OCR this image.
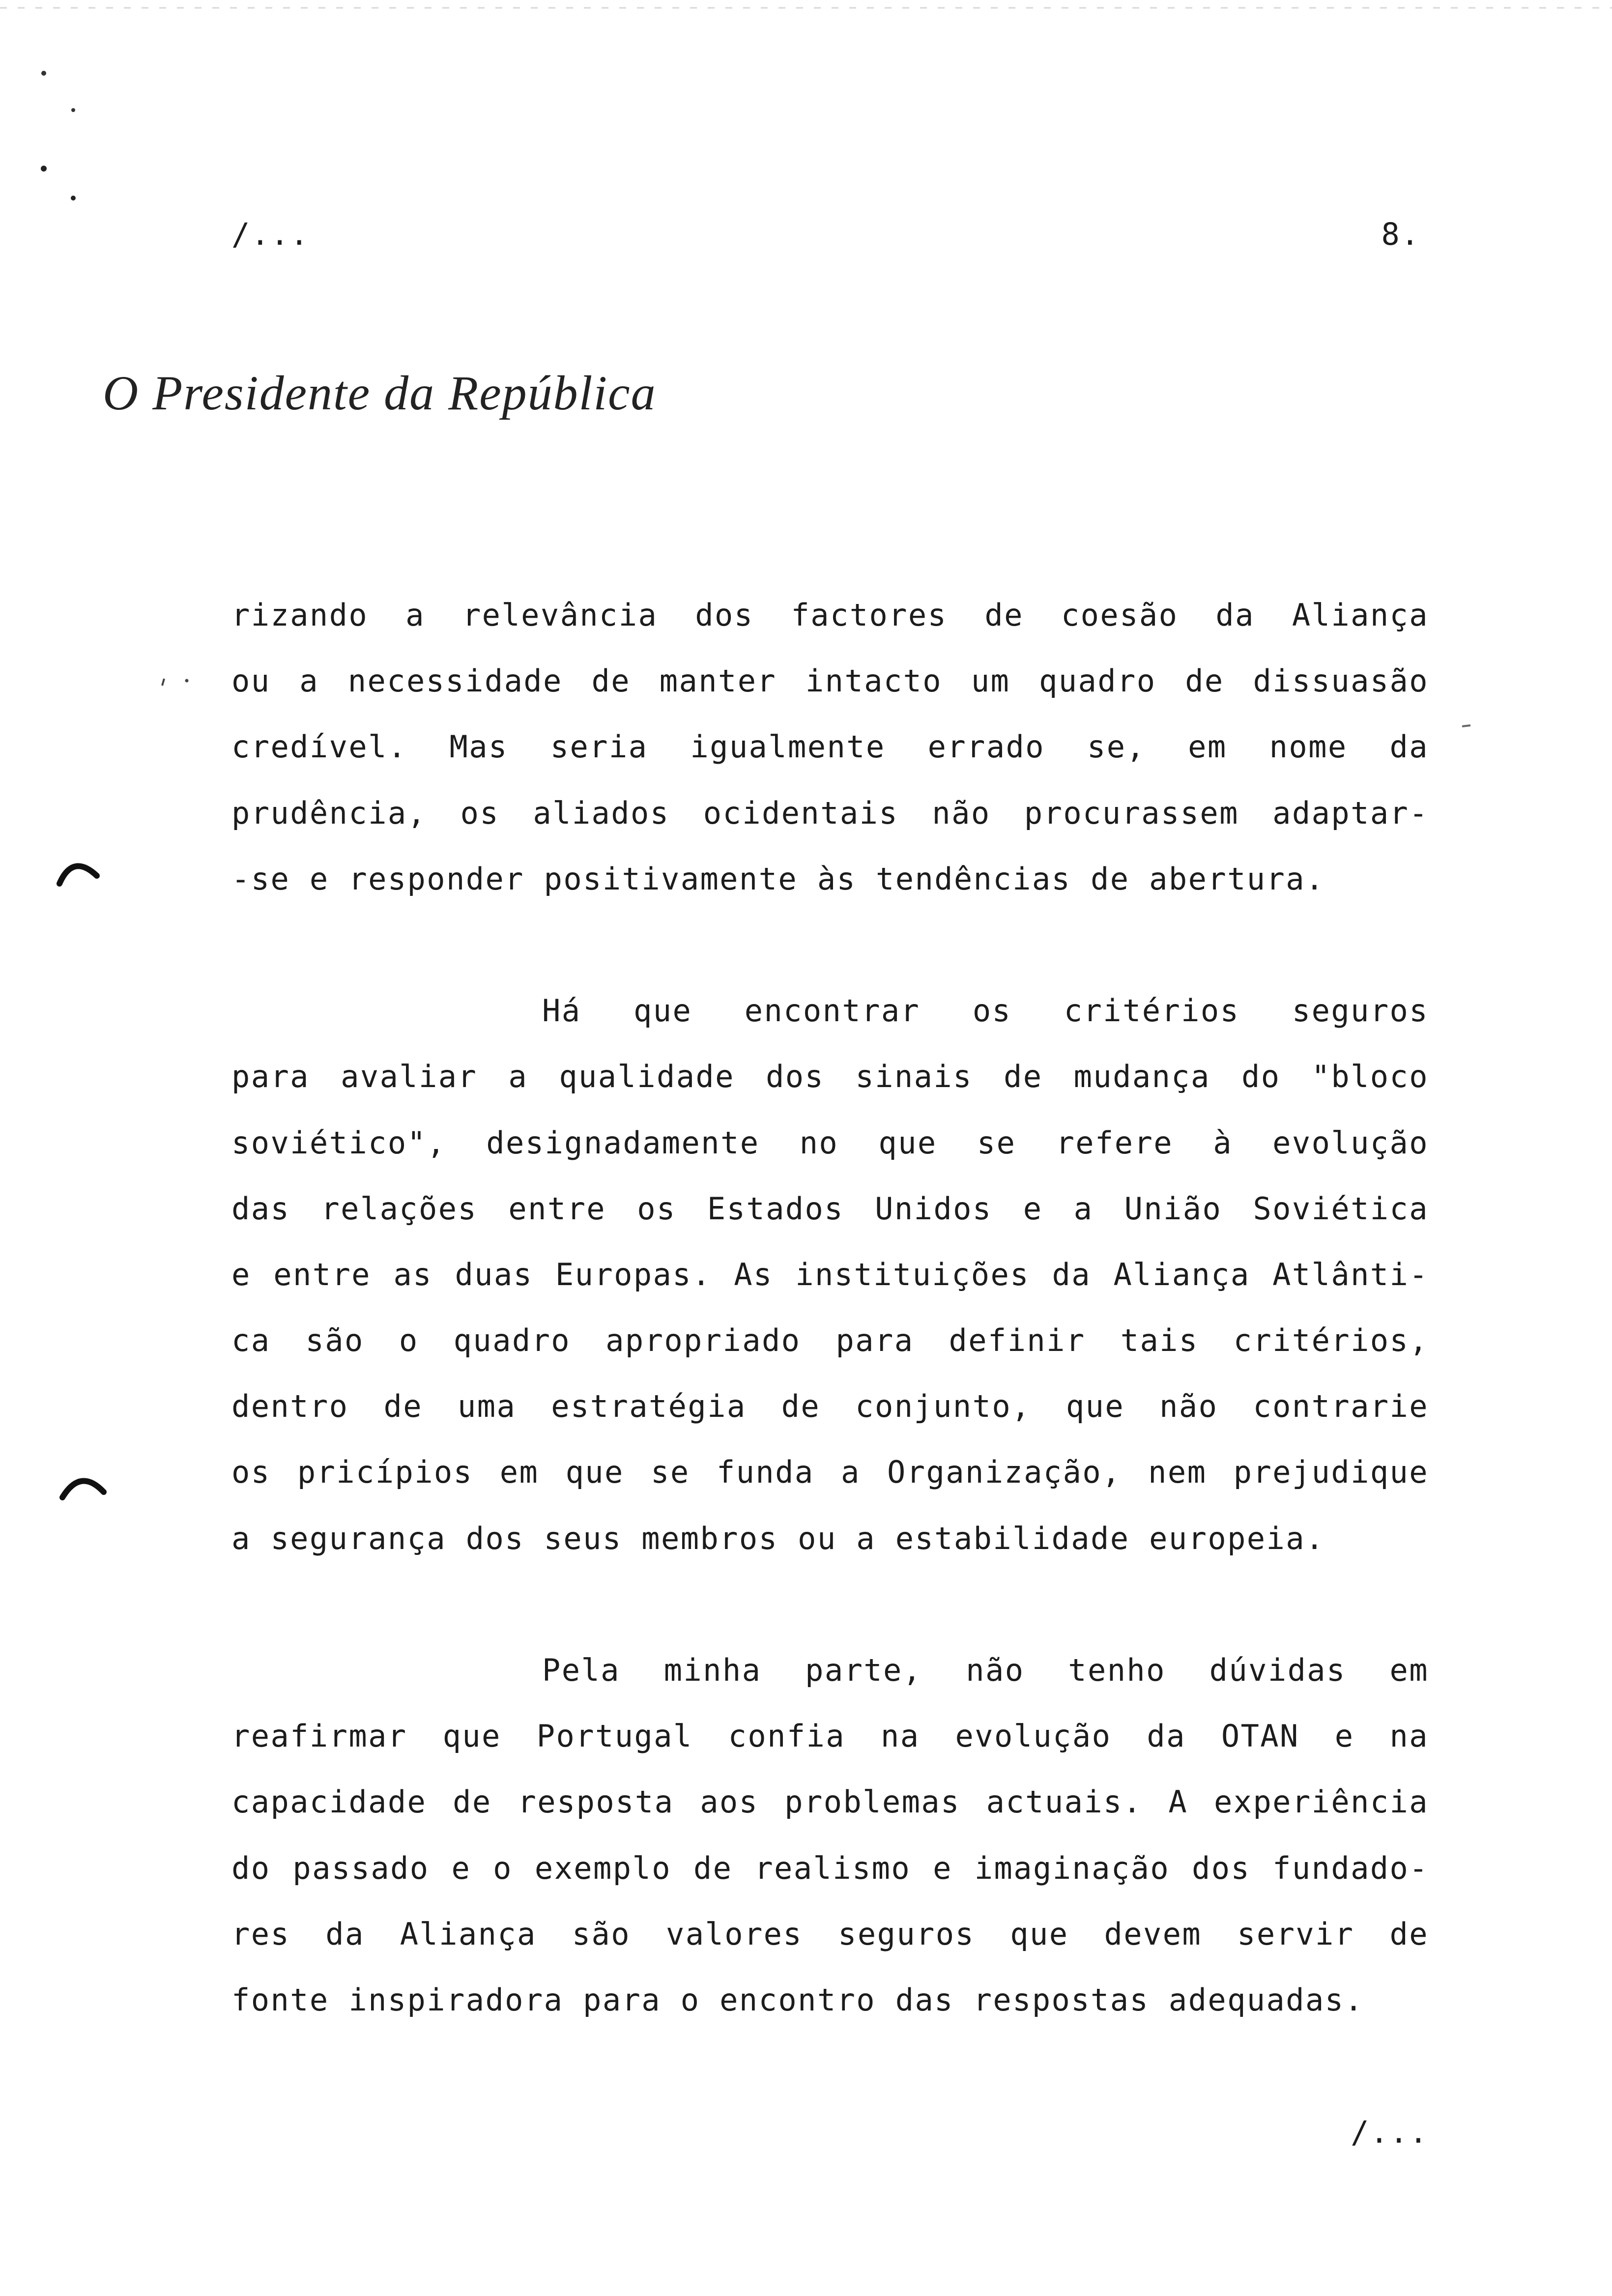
/...	8.
O Presidente da República
rizando a relevância dos factores de coesão da Aliança
ou a necessidade de manter intacto um quadro de dissuasão
credível. Mas seria igualmente errado se, em nome da
prudência, os aliados ocidentais não procurassem adaptar-
-se e responder positivamente às tendências de abertura.
Há que encontrar os critérios seguros
para avaliar a qualidade dos sinais de mudança do "bloco
soviético", designadamente no que se refere à evolução
das relações entre os Estados Unidos e a União Soviética
e entre as duas Europas. As instituições da Aliança Atlânti-
ca são o quadro apropriado para definir tais critérios,
dentro de uma estratégia de conjunto, que não contrarie
os pricípios em que se funda a Organização, nem prejudique
a segurança dos seus membros ou a estabilidade europeia.
Pela minha parte, não tenho dúvidas em
reafirmar que Portugal confia na evolução da OTAN e na
capacidade de resposta aos problemas actuais. A experiência
do passado e o exemplo de realismo e imaginação dos fundado-
res da Aliança são valores seguros que devem servir de
fonte inspiradora para o encontro das respostas adequadas.
/...
